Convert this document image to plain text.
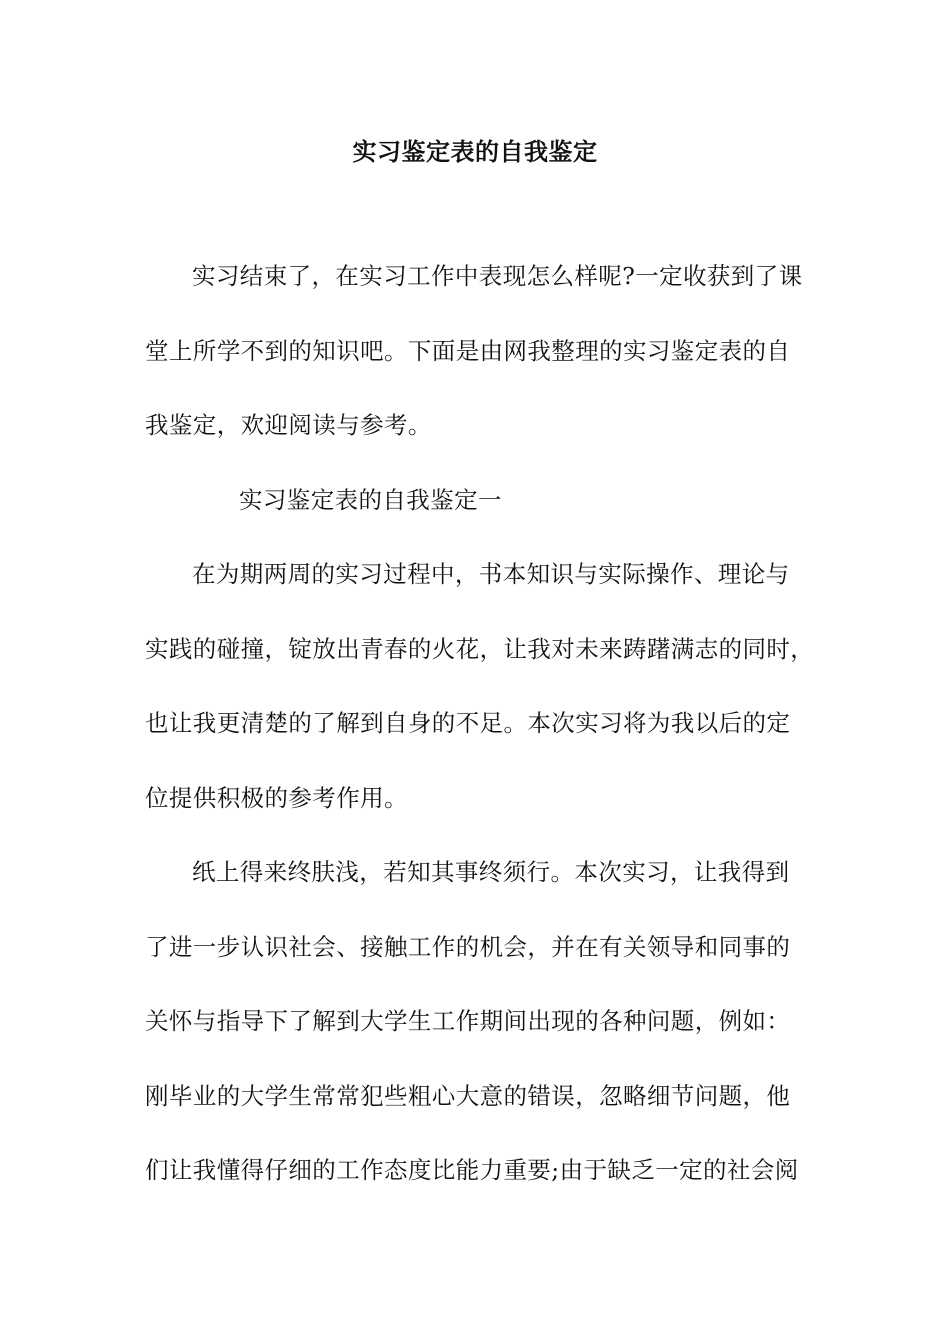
实习鉴定表的自我鉴定
实习结束了，在实习工作中表现怎么样呢?一定收获到了课
堂上所学不到的知识吧。下面是由网我整理的实习鉴定表的自
我鉴定，欢迎阅读与参考。
实习鉴定表的自我鉴定一
在为期两周的实习过程中，书本知识与实际操作、理论与
实践的碰撞，锭放出青春的火花，让我对未来踌躇满志的同时，
也让我更清楚的了解到自身的不足。本次实习将为我以后的定
位提供积极的参考作用。
纸上得来终肤浅，若知其事终须行。本次实习，让我得到
了进一步认识社会、接触工作的机会，并在有关领导和同事的
关怀与指导下了解到大学生工作期间出现的各种问题，例如：
刚毕业的大学生常常犯些粗心大意的错误，忽略细节问题，他
们让我懂得仔细的工作态度比能力重要;由于缺乏一定的社会阅
